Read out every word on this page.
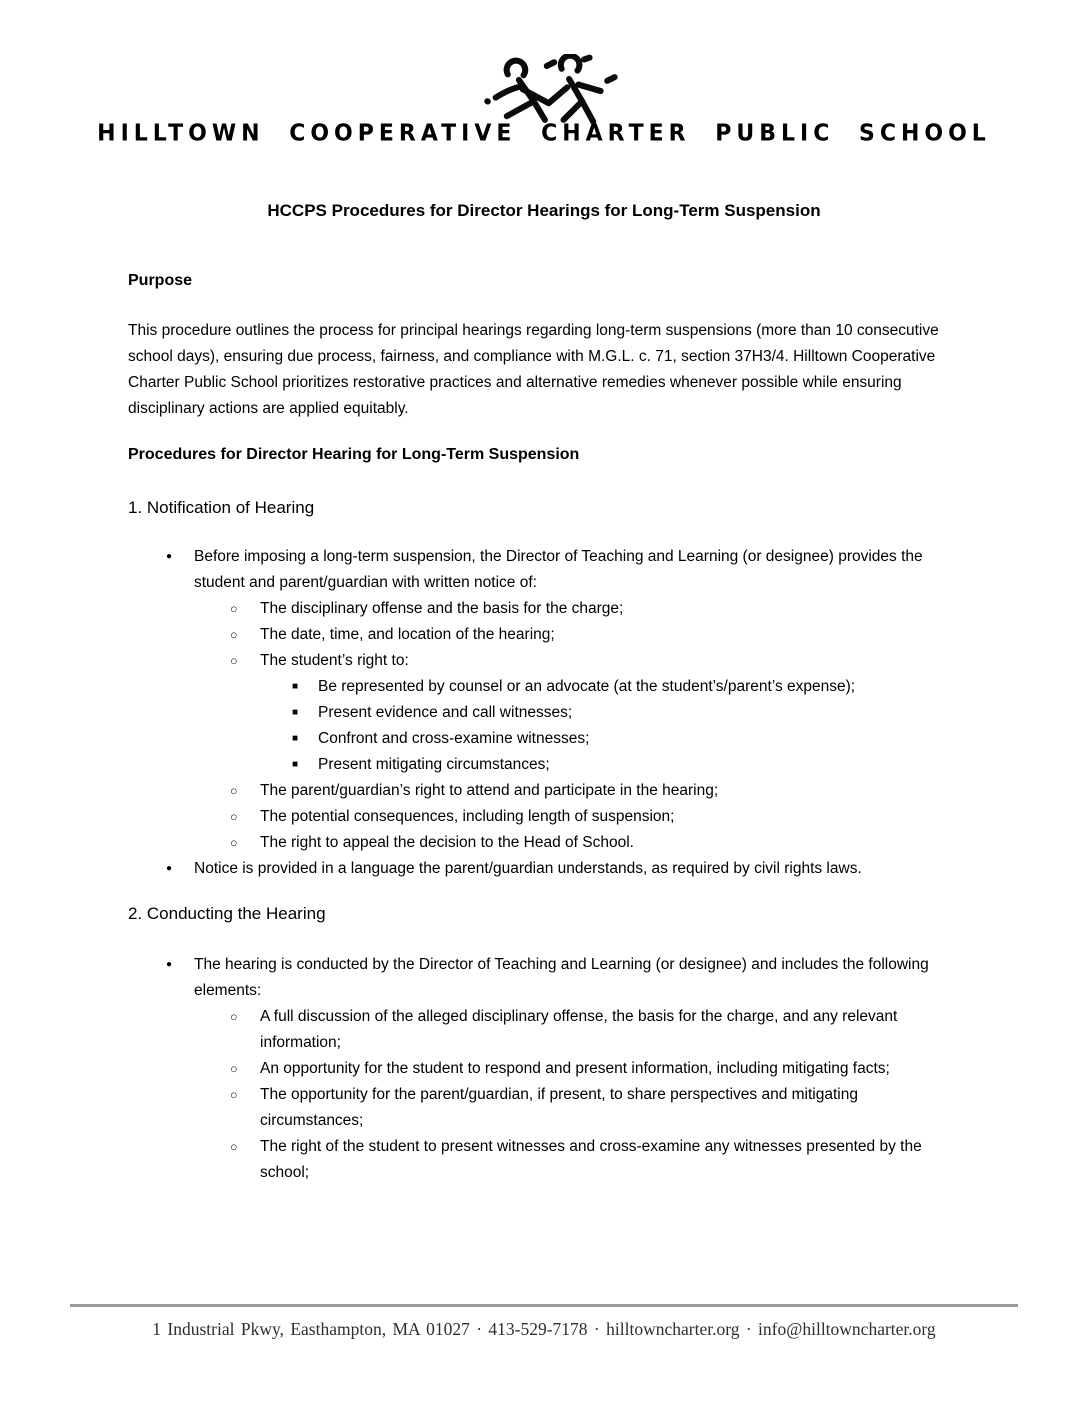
HILLTOWN COOPERATIVE CHARTER PUBLIC SCHOOL
HCCPS Procedures for Director Hearings for Long-Term Suspension
Purpose
This procedure outlines the process for principal hearings regarding long-term suspensions (more than 10 consecutive school days), ensuring due process, fairness, and compliance with M.G.L. c. 71, section 37H3/4. Hilltown Cooperative Charter Public School prioritizes restorative practices and alternative remedies whenever possible while ensuring disciplinary actions are applied equitably.
Procedures for Director Hearing for Long-Term Suspension
1. Notification of Hearing
●	Before imposing a long-term suspension, the Director of Teaching and Learning (or designee) provides the student and parent/guardian with written notice of:
○	The disciplinary offense and the basis for the charge;
○	The date, time, and location of the hearing;
○	The student’s right to:
■	Be represented by counsel or an advocate (at the student’s/parent’s expense);
■	Present evidence and call witnesses;
■	Confront and cross-examine witnesses;
■	Present mitigating circumstances;
○	The parent/guardian’s right to attend and participate in the hearing;
○	The potential consequences, including length of suspension;
○	The right to appeal the decision to the Head of School.
●	Notice is provided in a language the parent/guardian understands, as required by civil rights laws.
2. Conducting the Hearing
●	The hearing is conducted by the Director of Teaching and Learning (or designee) and includes the following elements:
○	A full discussion of the alleged disciplinary offense, the basis for the charge, and any relevant information;
○	An opportunity for the student to respond and present information, including mitigating facts;
○	The opportunity for the parent/guardian, if present, to share perspectives and mitigating circumstances;
○	The right of the student to present witnesses and cross-examine any witnesses presented by the school;
1 Industrial Pkwy, Easthampton, MA 01027 · 413-529-7178 · hilltowncharter.org · info@hilltowncharter.org
